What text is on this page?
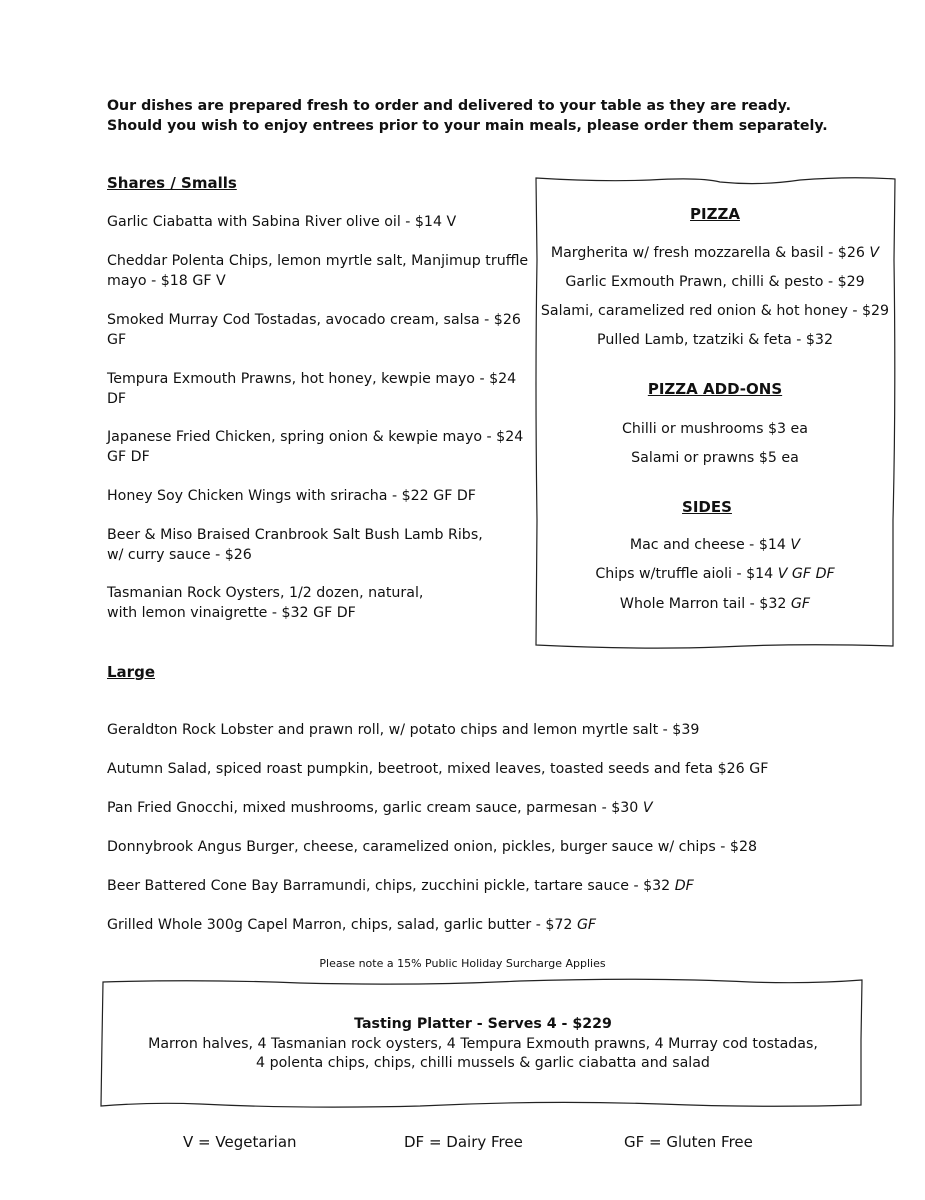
Our dishes are prepared fresh to order and delivered to your table as they are ready.
Should you wish to enjoy entrees prior to your main meals, please order them separately.
Shares / Smalls
Garlic Ciabatta with Sabina River olive oil - $14 V
Cheddar Polenta Chips, lemon myrtle salt, Manjimup truffle
mayo - $18 GF V
Smoked Murray Cod Tostadas, avocado cream, salsa - $26
GF
Tempura Exmouth Prawns, hot honey, kewpie mayo - $24
DF
Japanese Fried Chicken, spring onion & kewpie mayo - $24
GF DF
Honey Soy Chicken Wings with sriracha - $22 GF DF
Beer & Miso Braised Cranbrook Salt Bush Lamb Ribs,
w/ curry sauce - $26
Tasmanian Rock Oysters, 1/2 dozen, natural,
with lemon vinaigrette - $32 GF DF
PIZZA
Margherita w/ fresh mozzarella & basil - $26 V
Garlic Exmouth Prawn, chilli & pesto - $29
Salami, caramelized red onion & hot honey - $29
Pulled Lamb, tzatziki & feta - $32
PIZZA ADD-ONS
Chilli or mushrooms $3 ea
Salami or prawns $5 ea
SIDES
Mac and cheese - $14 V
Chips w/truffle aioli - $14 V GF DF
Whole Marron tail - $32 GF
Large
Geraldton Rock Lobster and prawn roll, w/ potato chips and lemon myrtle salt - $39
Autumn Salad, spiced roast pumpkin, beetroot, mixed leaves, toasted seeds and feta $26 GF
Pan Fried Gnocchi, mixed mushrooms, garlic cream sauce, parmesan - $30 V
Donnybrook Angus Burger, cheese, caramelized onion, pickles, burger sauce w/ chips - $28
Beer Battered Cone Bay Barramundi, chips, zucchini pickle, tartare sauce - $32 DF
Grilled Whole 300g Capel Marron, chips, salad, garlic butter - $72 GF
Please note a 15% Public Holiday Surcharge Applies
Tasting Platter - Serves 4 - $229
Marron halves, 4 Tasmanian rock oysters, 4 Tempura Exmouth prawns, 4 Murray cod tostadas,
4 polenta chips, chips, chilli mussels & garlic ciabatta and salad
V = Vegetarian	DF = Dairy Free	GF = Gluten Free
